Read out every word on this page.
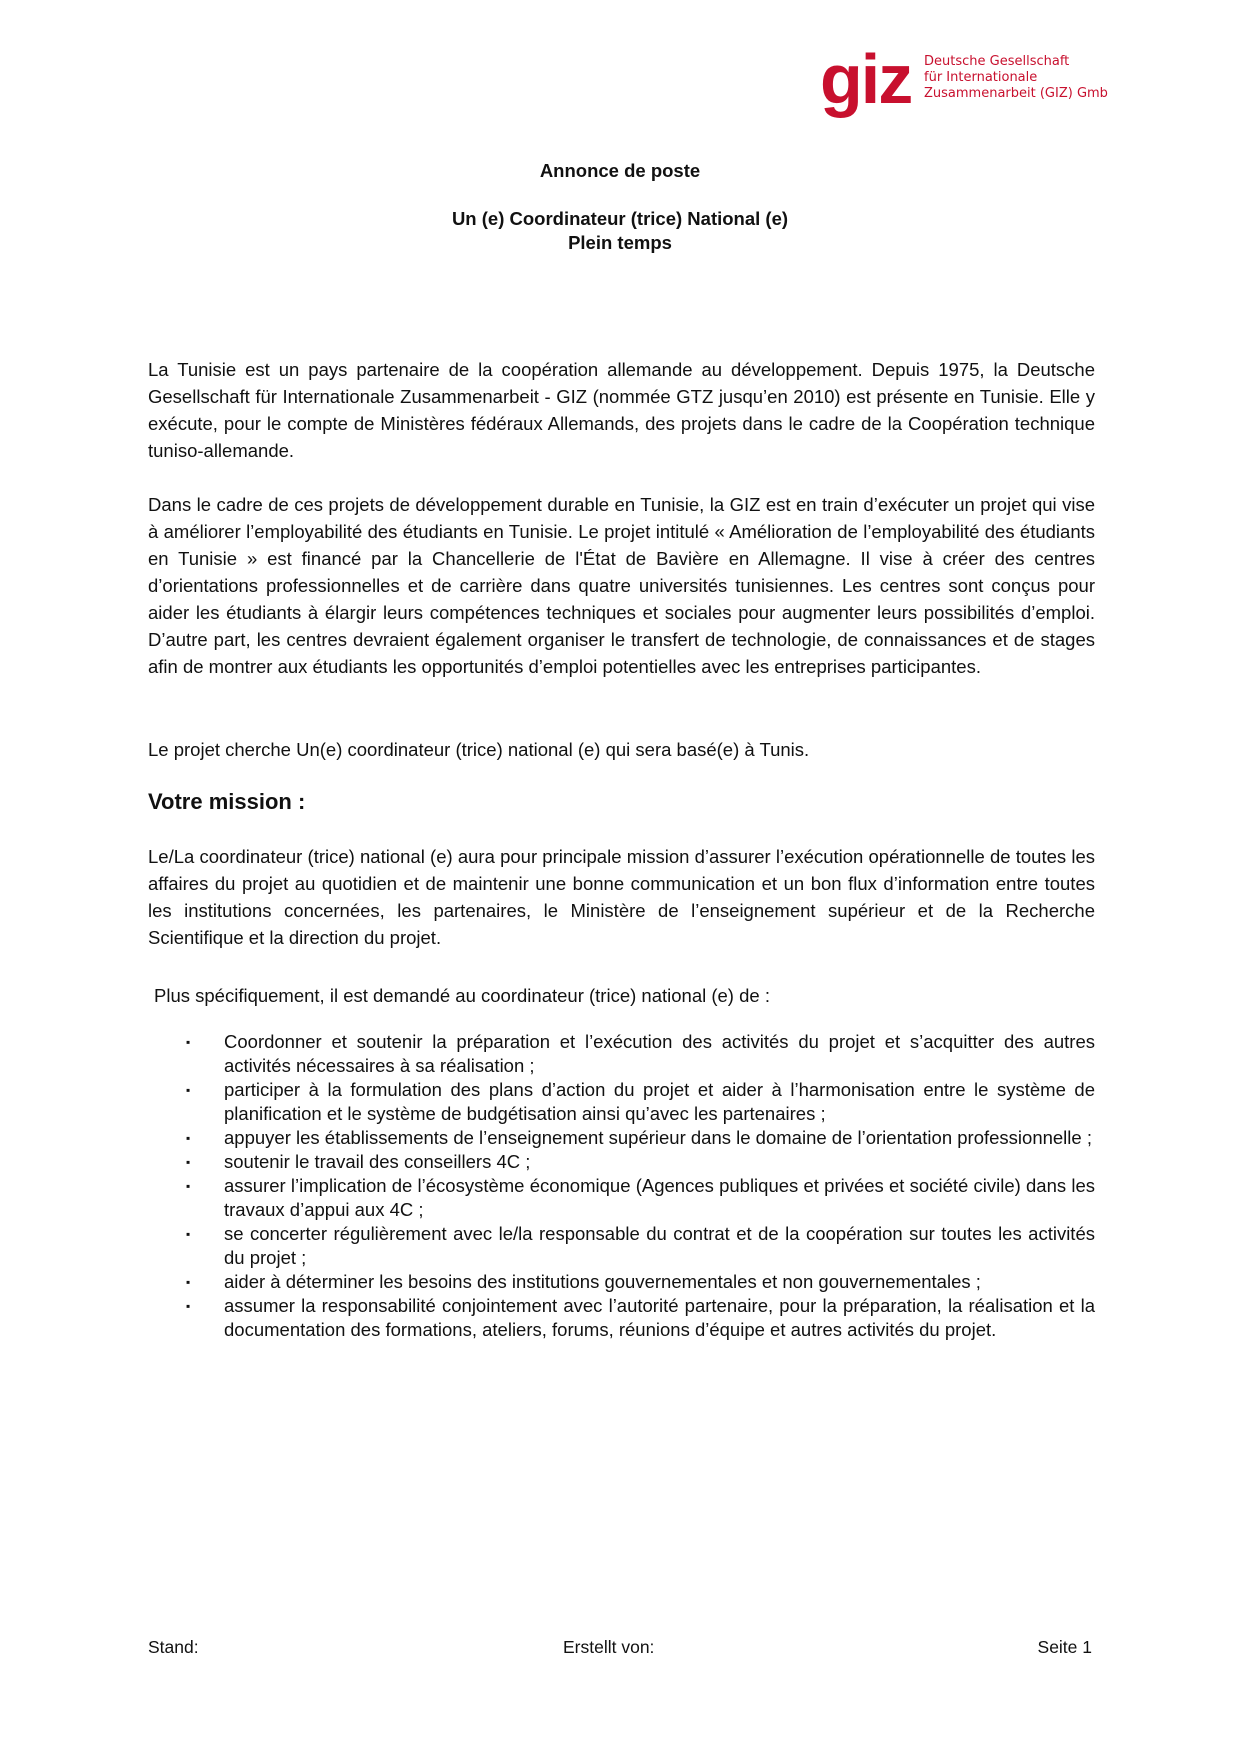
giz Deutsche Gesellschaft
für Internationale
Zusammenarbeit (GIZ) Gmb
Annonce de poste
Un (e) Coordinateur (trice) National (e)
Plein temps
La Tunisie est un pays partenaire de la coopération allemande au développement. Depuis 1975, la Deutsche Gesellschaft für Internationale Zusammenarbeit - GIZ (nommée GTZ jusqu’en 2010) est présente en Tunisie. Elle y exécute, pour le compte de Ministères fédéraux Allemands, des projets dans le cadre de la Coopération technique tuniso-allemande.
Dans le cadre de ces projets de développement durable en Tunisie, la GIZ est en train d’exécuter un projet qui vise à améliorer l’employabilité des étudiants en Tunisie. Le projet intitulé « Amélioration de l’employabilité des étudiants en Tunisie » est financé par la Chancellerie de l'État de Bavière en Allemagne. Il vise à créer des centres d’orientations professionnelles et de carrière dans quatre universités tunisiennes. Les centres sont conçus pour aider les étudiants à élargir leurs compétences techniques et sociales pour augmenter leurs possibilités d’emploi. D’autre part, les centres devraient également organiser le transfert de technologie, de connaissances et de stages afin de montrer aux étudiants les opportunités d’emploi potentielles avec les entreprises participantes.
Le projet cherche Un(e) coordinateur (trice) national (e) qui sera basé(e) à Tunis.
Votre mission :
Le/La coordinateur (trice) national (e) aura pour principale mission d’assurer l’exécution opérationnelle de toutes les affaires du projet au quotidien et de maintenir une bonne communication et un bon flux d’information entre toutes les institutions concernées, les partenaires, le Ministère de l’enseignement supérieur et de la Recherche Scientifique et la direction du projet.
Plus spécifiquement, il est demandé au coordinateur (trice) national (e) de :
▪ Coordonner et soutenir la préparation et l’exécution des activités du projet et s’acquitter des autres activités nécessaires à sa réalisation ;
▪ participer à la formulation des plans d’action du projet et aider à l’harmonisation entre le système de planification et le système de budgétisation ainsi qu’avec les partenaires ;
▪ appuyer les établissements de l’enseignement supérieur dans le domaine de l’orientation professionnelle ;
▪ soutenir le travail des conseillers 4C ;
▪ assurer l’implication de l’écosystème économique (Agences publiques et privées et société civile) dans les travaux d’appui aux 4C ;
▪ se concerter régulièrement avec le/la responsable du contrat et de la coopération sur toutes les activités du projet ;
▪ aider à déterminer les besoins des institutions gouvernementales et non gouvernementales ;
▪ assumer la responsabilité conjointement avec l’autorité partenaire, pour la préparation, la réalisation et la documentation des formations, ateliers, forums, réunions d’équipe et autres activités du projet.
Stand:	Erstellt von:	Seite 1
